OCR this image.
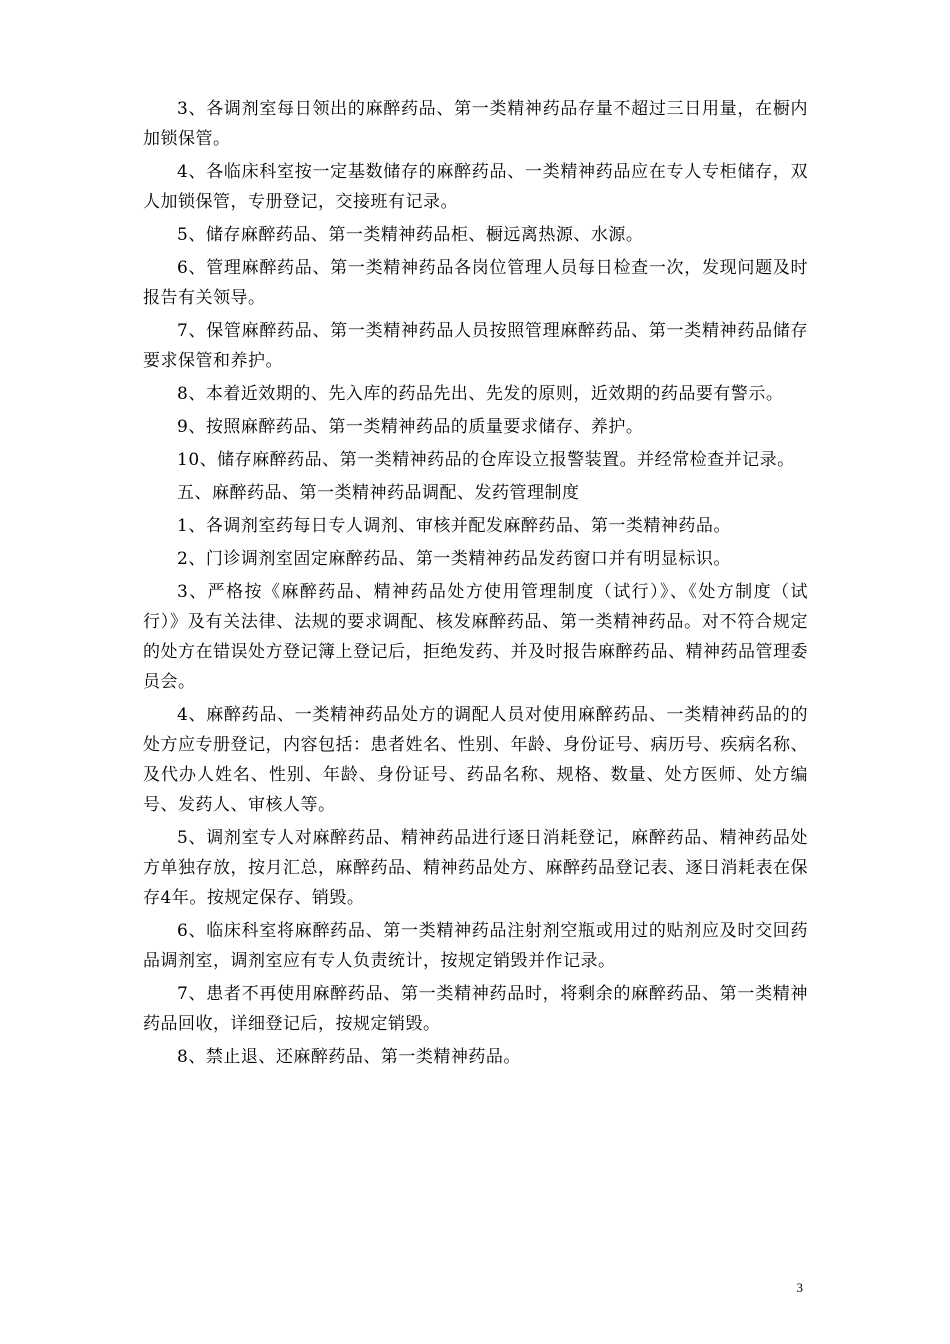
3、各调剂室每日领出的麻醉药品、第一类精神药品存量不超过三日用量，在橱内加锁保管。

4、各临床科室按一定基数储存的麻醉药品、一类精神药品应在专人专柜储存，双人加锁保管，专册登记，交接班有记录。

5、储存麻醉药品、第一类精神药品柜、橱远离热源、水源。

6、管理麻醉药品、第一类精神药品各岗位管理人员每日检查一次，发现问题及时报告有关领导。

7、保管麻醉药品、第一类精神药品人员按照管理麻醉药品、第一类精神药品储存要求保管和养护。

8、本着近效期的、先入库的药品先出、先发的原则，近效期的药品要有警示。

9、按照麻醉药品、第一类精神药品的质量要求储存、养护。

10、储存麻醉药品、第一类精神药品的仓库设立报警装置。并经常检查并记录。

五、麻醉药品、第一类精神药品调配、发药管理制度

1、各调剂室药每日专人调剂、审核并配发麻醉药品、第一类精神药品。

2、门诊调剂室固定麻醉药品、第一类精神药品发药窗口并有明显标识。

3、严格按《麻醉药品、精神药品处方使用管理制度（试行）》、《处方制度（试行）》及有关法律、法规的要求调配、核发麻醉药品、第一类精神药品。对不符合规定的处方在错误处方登记簿上登记后，拒绝发药、并及时报告麻醉药品、精神药品管理委员会。

4、麻醉药品、一类精神药品处方的调配人员对使用麻醉药品、一类精神药品的的处方应专册登记，内容包括：患者姓名、性别、年龄、身份证号、病历号、疾病名称、及代办人姓名、性别、年龄、身份证号、药品名称、规格、数量、处方医师、处方编号、发药人、审核人等。

5、调剂室专人对麻醉药品、精神药品进行逐日消耗登记，麻醉药品、精神药品处方单独存放，按月汇总，麻醉药品、精神药品处方、麻醉药品登记表、逐日消耗表在保存4年。按规定保存、销毁。

6、临床科室将麻醉药品、第一类精神药品注射剂空瓶或用过的贴剂应及时交回药品调剂室，调剂室应有专人负责统计，按规定销毁并作记录。

7、患者不再使用麻醉药品、第一类精神药品时，将剩余的麻醉药品、第一类精神药品回收，详细登记后，按规定销毁。

8、禁止退、还麻醉药品、第一类精神药品。

3
